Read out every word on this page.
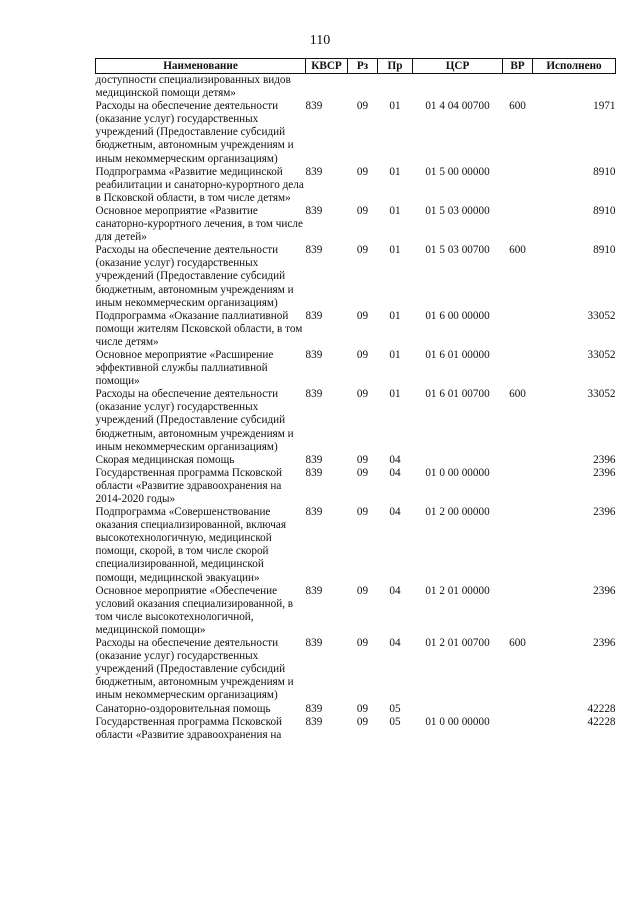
110
Наименование	КВСР	Рз	Пр	ЦСР	ВР	Исполнено
доступности специализированных видов медицинской помощи детям»						
Расходы на обеспечение деятельности (оказание услуг) государственных учреждений (Предоставление субсидий бюджетным, автономным учреждениям и иным некоммерческим организациям)	839	09	01	01 4 04 00700	600	1971
Подпрограмма «Развитие медицинской реабилитации и санаторно-курортного дела в Псковской области, в том числе детям»	839	09	01	01 5 00 00000		8910
Основное мероприятие «Развитие санаторно-курортного лечения, в том числе для детей»	839	09	01	01 5 03 00000		8910
Расходы на обеспечение деятельности (оказание услуг) государственных учреждений (Предоставление субсидий бюджетным, автономным учреждениям и иным некоммерческим организациям)	839	09	01	01 5 03 00700	600	8910
Подпрограмма «Оказание паллиативной помощи жителям Псковской области, в том числе детям»	839	09	01	01 6 00 00000		33052
Основное мероприятие «Расширение эффективной службы паллиативной помощи»	839	09	01	01 6 01 00000		33052
Расходы на обеспечение деятельности (оказание услуг) государственных учреждений (Предоставление субсидий бюджетным, автономным учреждениям и иным некоммерческим организациям)	839	09	01	01 6 01 00700	600	33052
Скорая медицинская помощь	839	09	04			2396
Государственная программа Псковской области «Развитие здравоохранения на 2014-2020 годы»	839	09	04	01 0 00 00000		2396
Подпрограмма «Совершенствование оказания специализированной, включая высокотехнологичную, медицинской помощи, скорой, в том числе скорой специализированной, медицинской помощи, медицинской эвакуации»	839	09	04	01 2 00 00000		2396
Основное мероприятие «Обеспечение условий оказания специализированной, в том числе высокотехнологичной, медицинской помощи»	839	09	04	01 2 01 00000		2396
Расходы на обеспечение деятельности (оказание услуг) государственных учреждений (Предоставление субсидий бюджетным, автономным учреждениям и иным некоммерческим организациям)	839	09	04	01 2 01 00700	600	2396
Санаторно-оздоровительная помощь	839	09	05			42228
Государственная программа Псковской области «Развитие здравоохранения на	839	09	05	01 0 00 00000		42228
